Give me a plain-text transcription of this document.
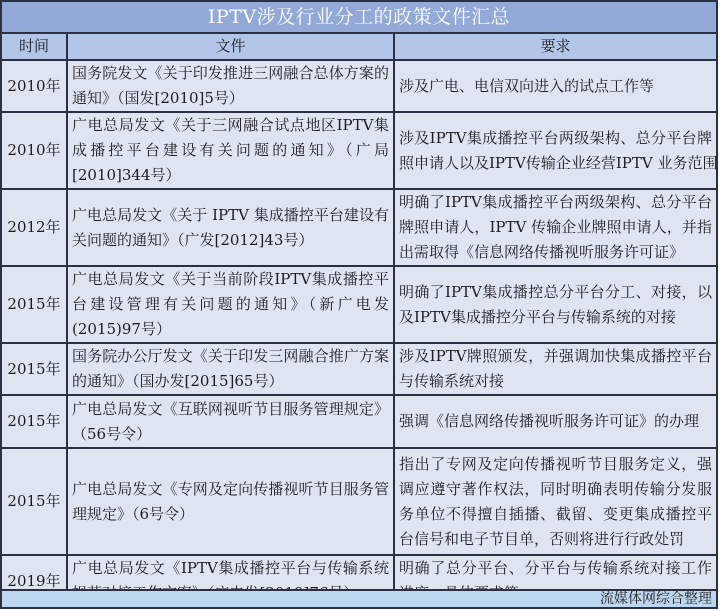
IPTV涉及行业分工的政策文件汇总
时间	文件	要求
2010年	国务院发文《关于印发推进三网融合总体方案的
通知》（国发[2010]5号）	涉及广电、电信双向进入的试点工作等

2010年	广电总局发文《关于三网融合试点地区IPTV集
成播控平台建设有关问题的通知》（广局
[2010]344号）	涉及IPTV集成播控平台两级架构、总分平台牌
照申请人以及IPTV传输企业经营IPTV 业务范围

2012年	广电总局发文《关于 IPTV 集成播控平台建设有
关问题的通知》（广发[2012]43号）	明确了IPTV集成播控平台两级架构、总分平台
牌照申请人，IPTV 传输企业牌照申请人，并指
出需取得《信息网络传播视听服务许可证》

2015年	广电总局发文《关于当前阶段IPTV集成播控平
台建设管理有关问题的通知》（新广电发
(2015)97号）	明确了IPTV集成播控总分平台分工、对接，以
及IPTV集成播控分平台与传输系统的对接

2015年	国务院办公厅发文《关于印发三网融合推广方案
的通知》（国办发[2015]65号）	涉及IPTV牌照颁发，并强调加快集成播控平台
与传输系统对接

2015年	广电总局发文《互联网视听节目服务管理规定》
（56号令）	强调《信息网络传播视听服务许可证》的办理

2015年	广电总局发文《专网及定向传播视听节目服务管
理规定》（6号令）	指出了专网及定向传播视听节目服务定义，强
调应遵守著作权法，同时明确表明传输分发服
务单位不得擅自插播、截留、变更集成播控平
台信号和电子节目单，否则将进行行政处罚

2019年	广电总局发文《IPTV集成播控平台与传输系统	明确了总分平台、分平台与传输系统对接工作
流媒体网综合整理
